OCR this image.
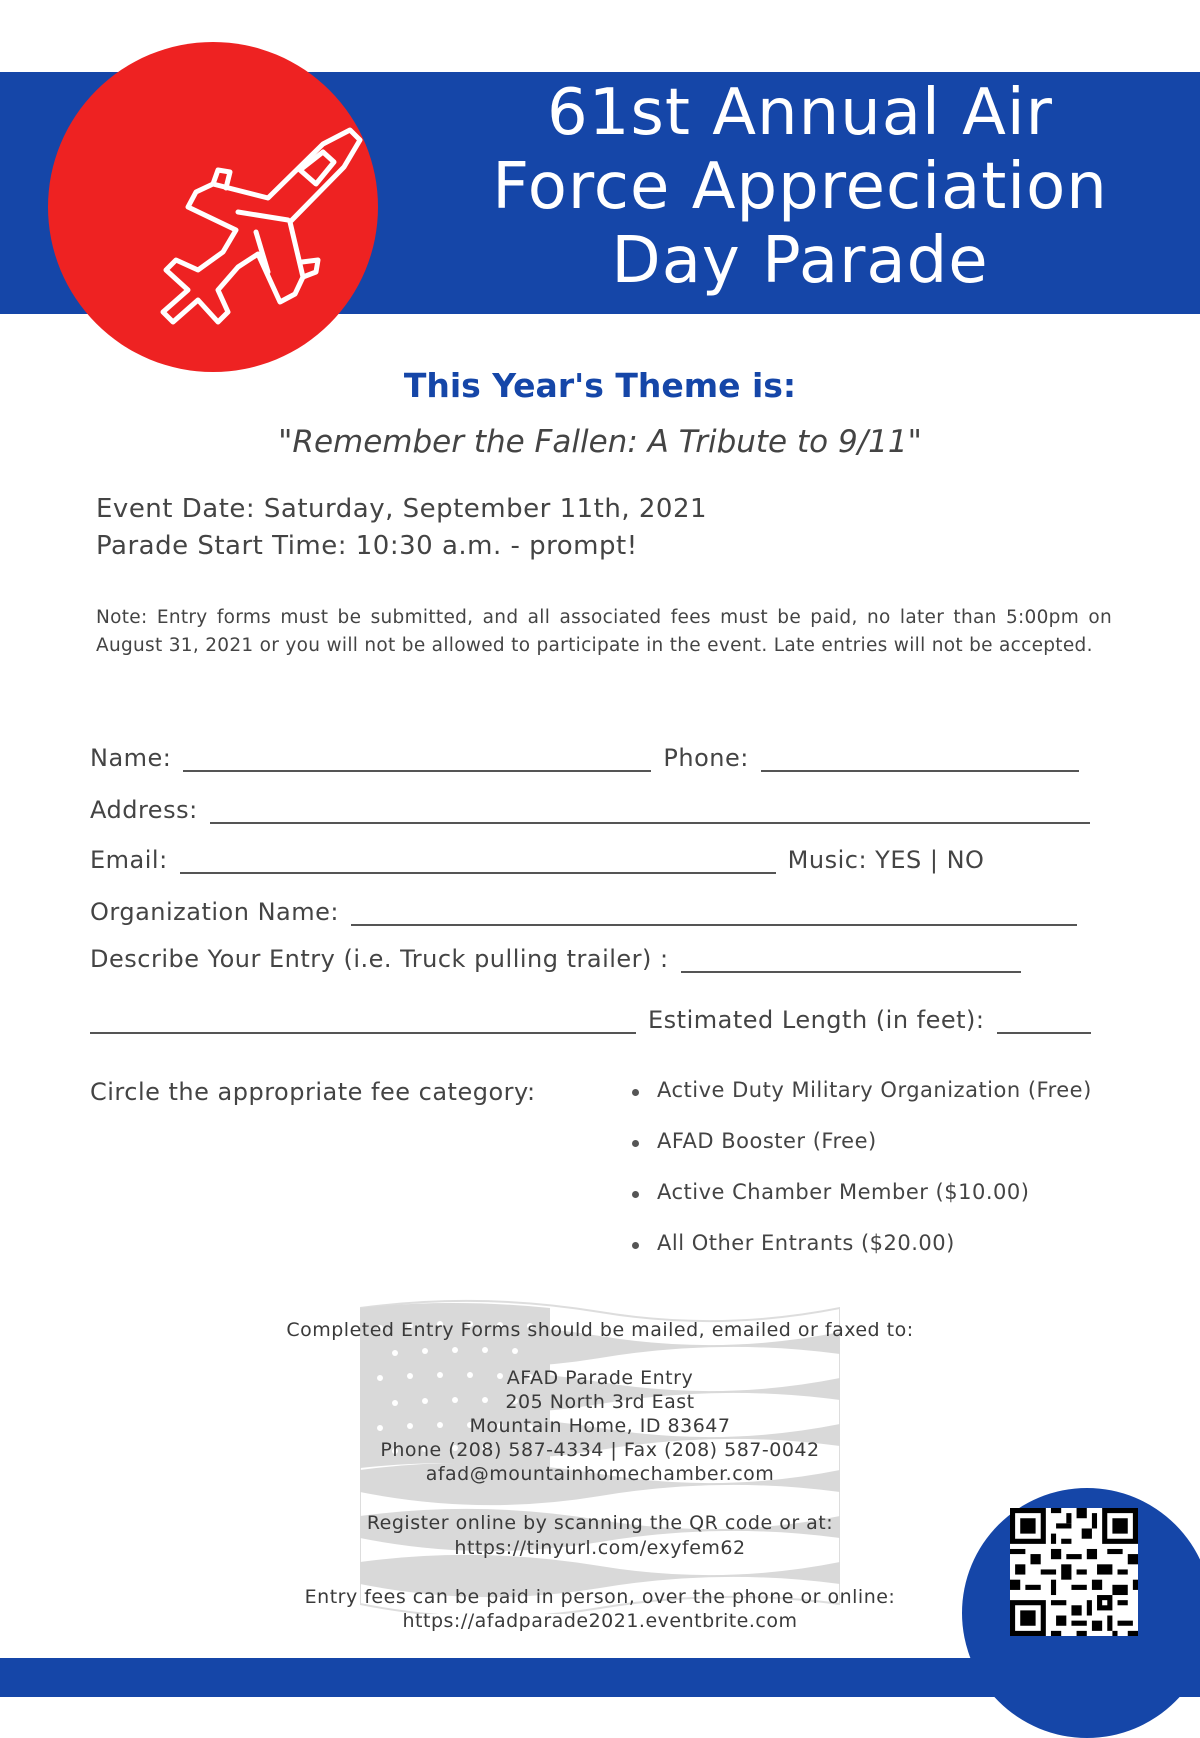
61st Annual Air
Force Appreciation
Day Parade
This Year's Theme is:

"Remember the Fallen: A Tribute to 9/11"

Event Date: Saturday, September 11th, 2021
Parade Start Time: 10:30 a.m. - prompt!
Note: Entry forms must be submitted, and all associated fees must be paid, no later than 5:00pm on August 31, 2021 or you will not be allowed to participate in the event. Late entries will not be accepted.
Name:	Phone:
Address:
Email:	Music: YES | NO
Organization Name:
Describe Your Entry (i.e. Truck pulling trailer) :
Estimated Length (in feet):
Circle the appropriate fee category:	Active Duty Military Organization (Free)
AFAD Booster (Free)
Active Chamber Member ($10.00)
All Other Entrants ($20.00)
Completed Entry Forms should be mailed, emailed or faxed to:
AFAD Parade Entry
205 North 3rd East
Mountain Home, ID 83647
Phone (208) 587-4334 | Fax (208) 587-0042
afad@mountainhomechamber.com
Register online by scanning the QR code or at:
https://tinyurl.com/exyfem62
Entry fees can be paid in person, over the phone or online:
https://afadparade2021.eventbrite.com
